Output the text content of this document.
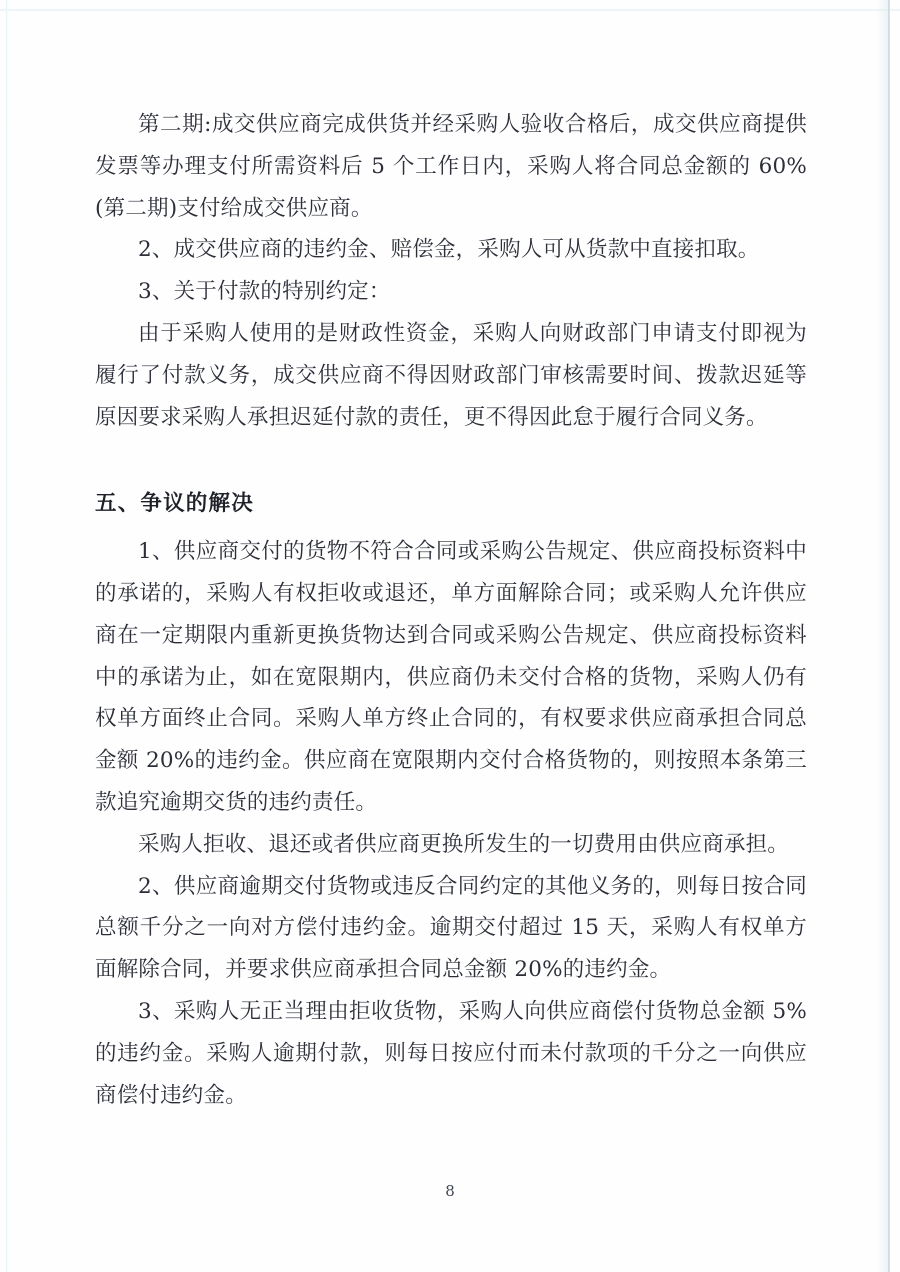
第二期:成交供应商完成供货并经采购人验收合格后，成交供应商提供发票等办理支付所需资料后 5 个工作日内，采购人将合同总金额的 60%(第二期)支付给成交供应商。

2、成交供应商的违约金、赔偿金，采购人可从货款中直接扣取。

3、关于付款的特别约定：

由于采购人使用的是财政性资金，采购人向财政部门申请支付即视为履行了付款义务，成交供应商不得因财政部门审核需要时间、拨款迟延等原因要求采购人承担迟延付款的责任，更不得因此怠于履行合同义务。

五、争议的解决

1、供应商交付的货物不符合合同或采购公告规定、供应商投标资料中的承诺的，采购人有权拒收或退还，单方面解除合同；或采购人允许供应商在一定期限内重新更换货物达到合同或采购公告规定、供应商投标资料中的承诺为止，如在宽限期内，供应商仍未交付合格的货物，采购人仍有权单方面终止合同。采购人单方终止合同的，有权要求供应商承担合同总金额 20%的违约金。供应商在宽限期内交付合格货物的，则按照本条第三款追究逾期交货的违约责任。

采购人拒收、退还或者供应商更换所发生的一切费用由供应商承担。

2、供应商逾期交付货物或违反合同约定的其他义务的，则每日按合同总额千分之一向对方偿付违约金。逾期交付超过 15 天，采购人有权单方面解除合同，并要求供应商承担合同总金额 20%的违约金。

3、采购人无正当理由拒收货物，采购人向供应商偿付货物总金额 5%的违约金。采购人逾期付款，则每日按应付而未付款项的千分之一向供应商偿付违约金。

8
